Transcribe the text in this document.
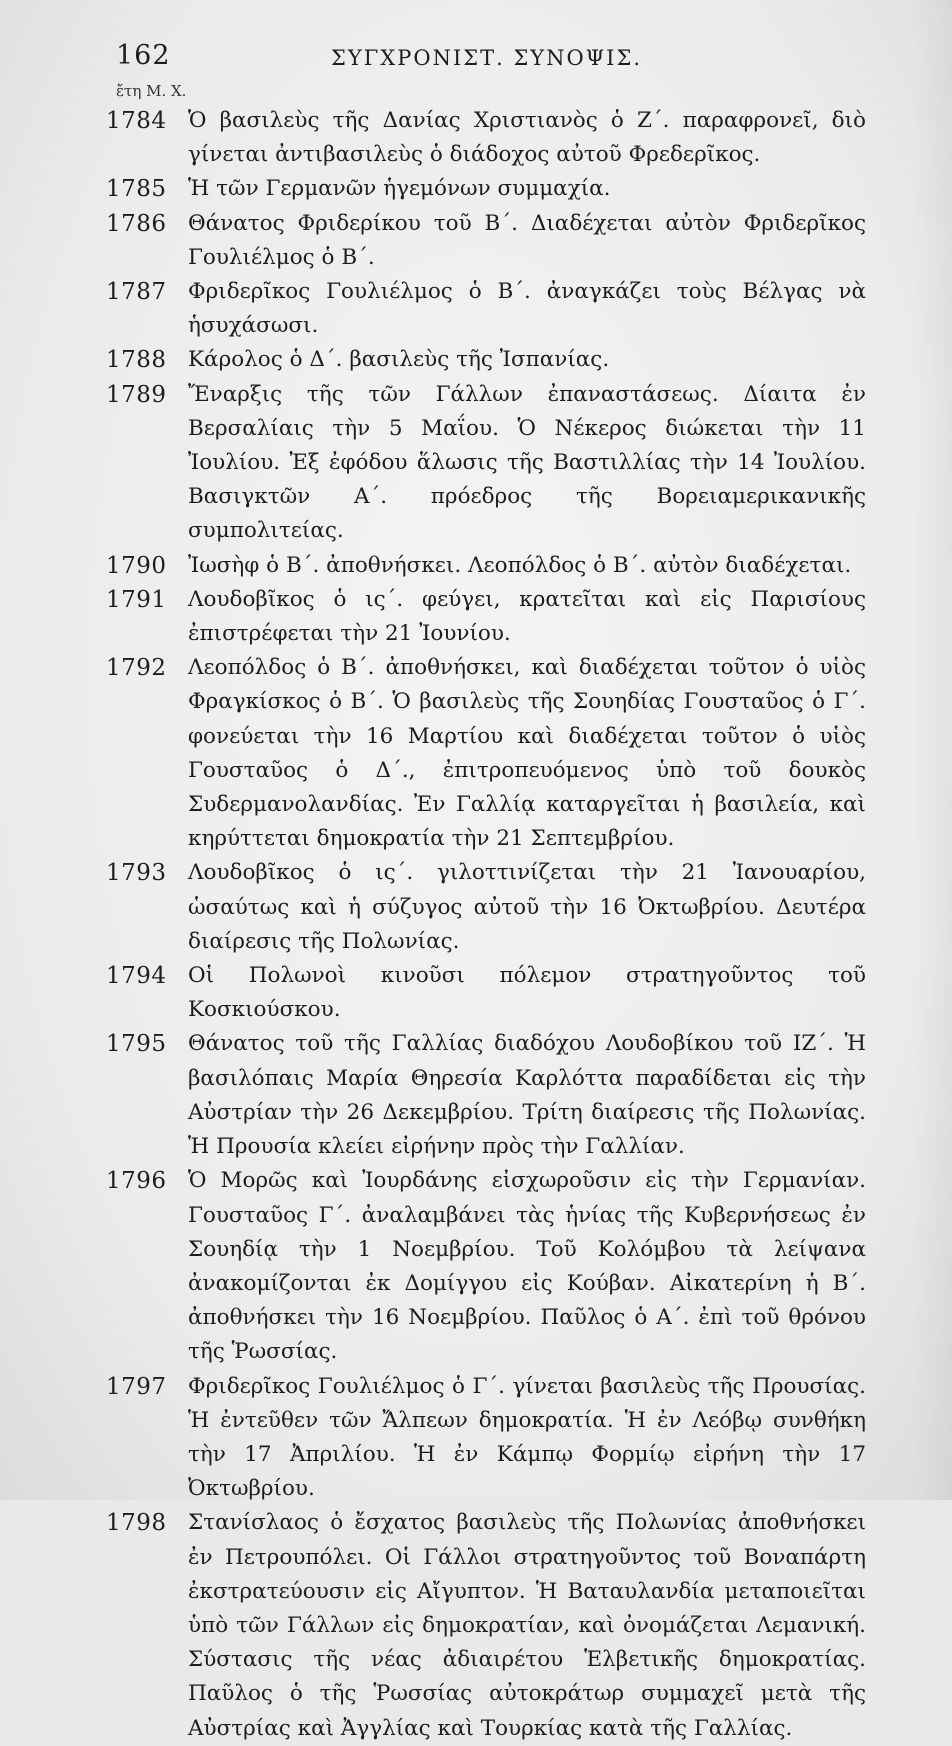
162	ΣΥΓΧΡΟΝΙΣΤ. ΣΥΝΟΨΙΣ.
ἔτη Μ. Χ.

1784 Ὁ βασιλεὺς τῆς Δανίας Χριστιανὸς ὁ Ζ΄. παραφρονεῖ, διὸ γίνεται ἀντιβασιλεὺς ὁ διάδοχος αὐτοῦ Φρεδερῖκος.

1785 Ἡ τῶν Γερμανῶν ἡγεμόνων συμμαχία.

1786 Θάνατος Φριδερίκου τοῦ Β΄. Διαδέχεται αὐτὸν Φριδερῖκος Γουλιέλμος ὁ Β΄.

1787 Φριδερῖκος Γουλιέλμος ὁ Β΄. ἀναγκάζει τοὺς Βέλγας νὰ ἡσυχάσωσι.

1788 Κάρολος ὁ Δ΄. βασιλεὺς τῆς Ἰσπανίας.

1789 Ἔναρξις τῆς τῶν Γάλλων ἐπαναστάσεως. Δίαιτα ἐν Βερσαλίαις τὴν 5 Μαΐου. Ὁ Νέκερος διώκεται τὴν 11 Ἰουλίου. Ἐξ ἐφόδου ἅλωσις τῆς Βαστιλλίας τὴν 14 Ἰουλίου. Βασιγκτῶν Α΄. πρόεδρος τῆς Βορειαμερικανικῆς συμπολιτείας.

1790 Ἰωσὴφ ὁ Β΄. ἀποθνήσκει. Λεοπόλδος ὁ Β΄. αὐτὸν διαδέχεται.

1791 Λουδοβῖκος ὁ ις΄. φεύγει, κρατεῖται καὶ εἰς Παρισίους ἐπιστρέφεται τὴν 21 Ἰουνίου.

1792 Λεοπόλδος ὁ Β΄. ἀποθνήσκει, καὶ διαδέχεται τοῦτον ὁ υἱὸς Φραγκίσκος ὁ Β΄. Ὁ βασιλεὺς τῆς Σουηδίας Γουσταῦος ὁ Γ΄. φονεύεται τὴν 16 Μαρτίου καὶ διαδέχεται τοῦτον ὁ υἱὸς Γουσταῦος ὁ Δ΄., ἐπιτροπευόμενος ὑπὸ τοῦ δουκὸς Συδερμανολανδίας. Ἐν Γαλλίᾳ καταργεῖται ἡ βασιλεία, καὶ κηρύττεται δημοκρατία τὴν 21 Σεπτεμβρίου.

1793 Λουδοβῖκος ὁ ις΄. γιλοττινίζεται τὴν 21 Ἰανουαρίου, ὡσαύτως καὶ ἡ σύζυγος αὐτοῦ τὴν 16 Ὀκτωβρίου. Δευτέρα διαίρεσις τῆς Πολωνίας.

1794 Οἱ Πολωνοὶ κινοῦσι πόλεμον στρατηγοῦντος τοῦ Κοσκιούσκου.

1795 Θάνατος τοῦ τῆς Γαλλίας διαδόχου Λουδοβίκου τοῦ ΙΖ΄. Ἡ βασιλόπαις Μαρία Θηρεσία Καρλόττα παραδίδεται εἰς τὴν Αὐστρίαν τὴν 26 Δεκεμβρίου. Τρίτη διαίρεσις τῆς Πολωνίας. Ἡ Προυσία κλείει εἰρήνην πρὸς τὴν Γαλλίαν.

1796 Ὁ Μορῶς καὶ Ἰουρδάνης εἰσχωροῦσιν εἰς τὴν Γερμανίαν. Γουσταῦος Γ΄. ἀναλαμβάνει τὰς ἡνίας τῆς Κυβερνήσεως ἐν Σουηδίᾳ τὴν 1 Νοεμβρίου. Τοῦ Κολόμβου τὰ λείψανα ἀνακομίζονται ἐκ Δομίγγου εἰς Κούβαν. Αἰκατερίνη ἡ Β΄. ἀποθνήσκει τὴν 16 Νοεμβρίου. Παῦλος ὁ Α΄. ἐπὶ τοῦ θρόνου τῆς Ῥωσσίας.

1797 Φριδερῖκος Γουλιέλμος ὁ Γ΄. γίνεται βασιλεὺς τῆς Προυσίας. Ἡ ἐντεῦθεν τῶν Ἄλπεων δημοκρατία. Ἡ ἐν Λεόβῳ συνθήκη τὴν 17 Ἀπριλίου. Ἡ ἐν Κάμπῳ Φορμίῳ εἰρήνη τὴν 17 Ὀκτωβρίου.

1798 Στανίσλαος ὁ ἔσχατος βασιλεὺς τῆς Πολωνίας ἀποθνήσκει ἐν Πετρουπόλει. Οἱ Γάλλοι στρατηγοῦντος τοῦ Βοναπάρτη ἐκστρατεύουσιν εἰς Αἴγυπτον. Ἡ Βαταυλανδία μεταποιεῖται ὑπὸ τῶν Γάλλων εἰς δημοκρατίαν, καὶ ὀνομάζεται Λεμανική. Σύστασις τῆς νέας ἀδιαιρέτου Ἑλβετικῆς δημοκρατίας. Παῦλος ὁ τῆς Ῥωσσίας αὐτοκράτωρ συμμαχεῖ μετὰ τῆς Αὐστρίας καὶ Ἀγγλίας καὶ Τουρκίας κατὰ τῆς Γαλλίας.
